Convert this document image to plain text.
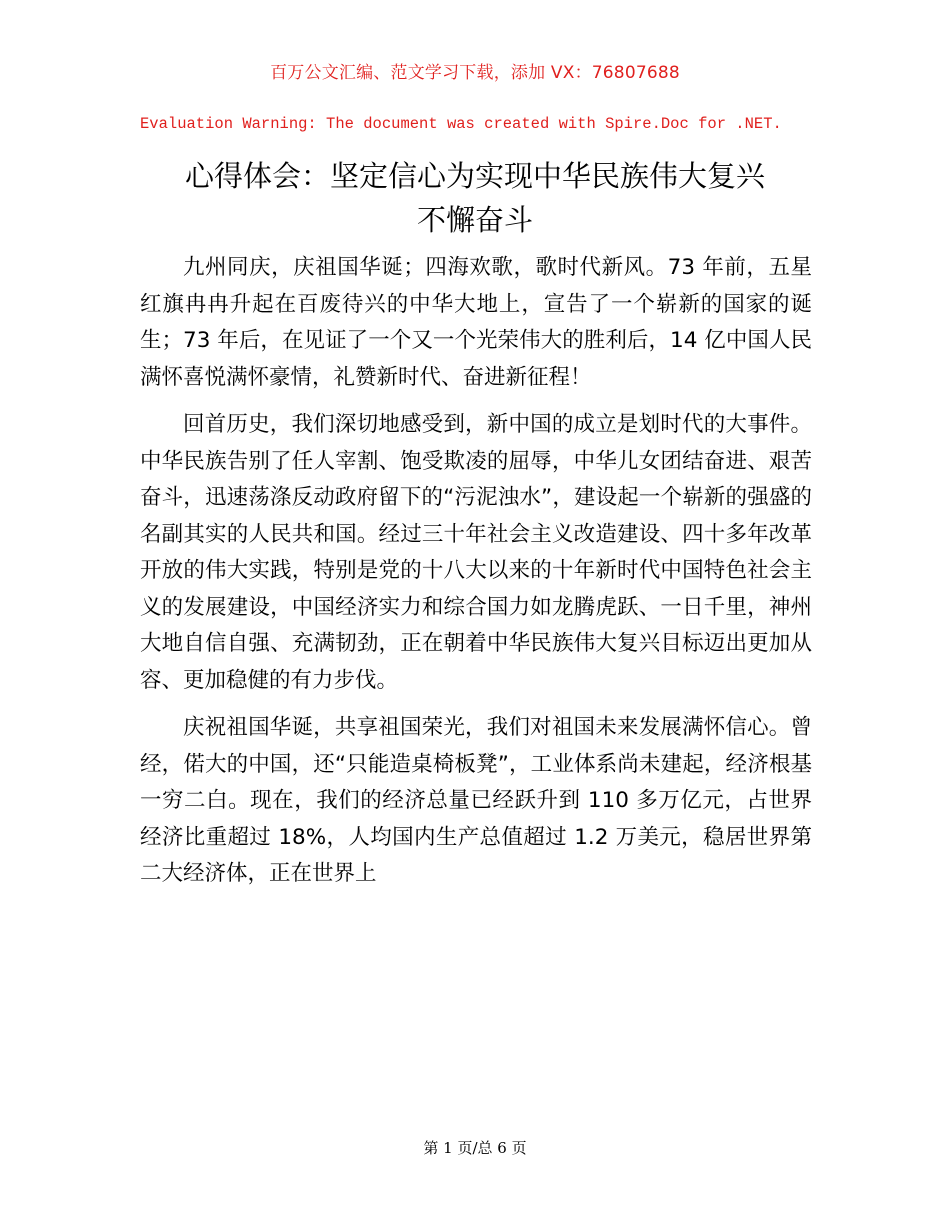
百万公文汇编、范文学习下载，添加 VX：76807688
Evaluation Warning: The document was created with Spire.Doc for .NET.
心得体会：坚定信心为实现中华民族伟大复兴
不懈奋斗

九州同庆，庆祖国华诞；四海欢歌，歌时代新风。73 年前，五星红旗冉冉升起在百废待兴的中华大地上，宣告了一个崭新的国家的诞生；73 年后，在见证了一个又一个光荣伟大的胜利后，14 亿中国人民满怀喜悦满怀豪情，礼赞新时代、奋进新征程！

回首历史，我们深切地感受到，新中国的成立是划时代的大事件。中华民族告别了任人宰割、饱受欺凌的屈辱，中华儿女团结奋进、艰苦奋斗，迅速荡涤反动政府留下的“污泥浊水”，建设起一个崭新的强盛的名副其实的人民共和国。经过三十年社会主义改造建设、四十多年改革开放的伟大实践，特别是党的十八大以来的十年新时代中国特色社会主义的发展建设，中国经济实力和综合国力如龙腾虎跃、一日千里，神州大地自信自强、充满韧劲，正在朝着中华民族伟大复兴目标迈出更加从容、更加稳健的有力步伐。

庆祝祖国华诞，共享祖国荣光，我们对祖国未来发展满怀信心。曾经，偌大的中国，还“只能造桌椅板凳”，工业体系尚未建起，经济根基一穷二白。现在，我们的经济总量已经跃升到 110 多万亿元，占世界经济比重超过 18%，人均国内生产总值超过 1.2 万美元，稳居世界第二大经济体，正在世界上

第 1 页/总 6 页
